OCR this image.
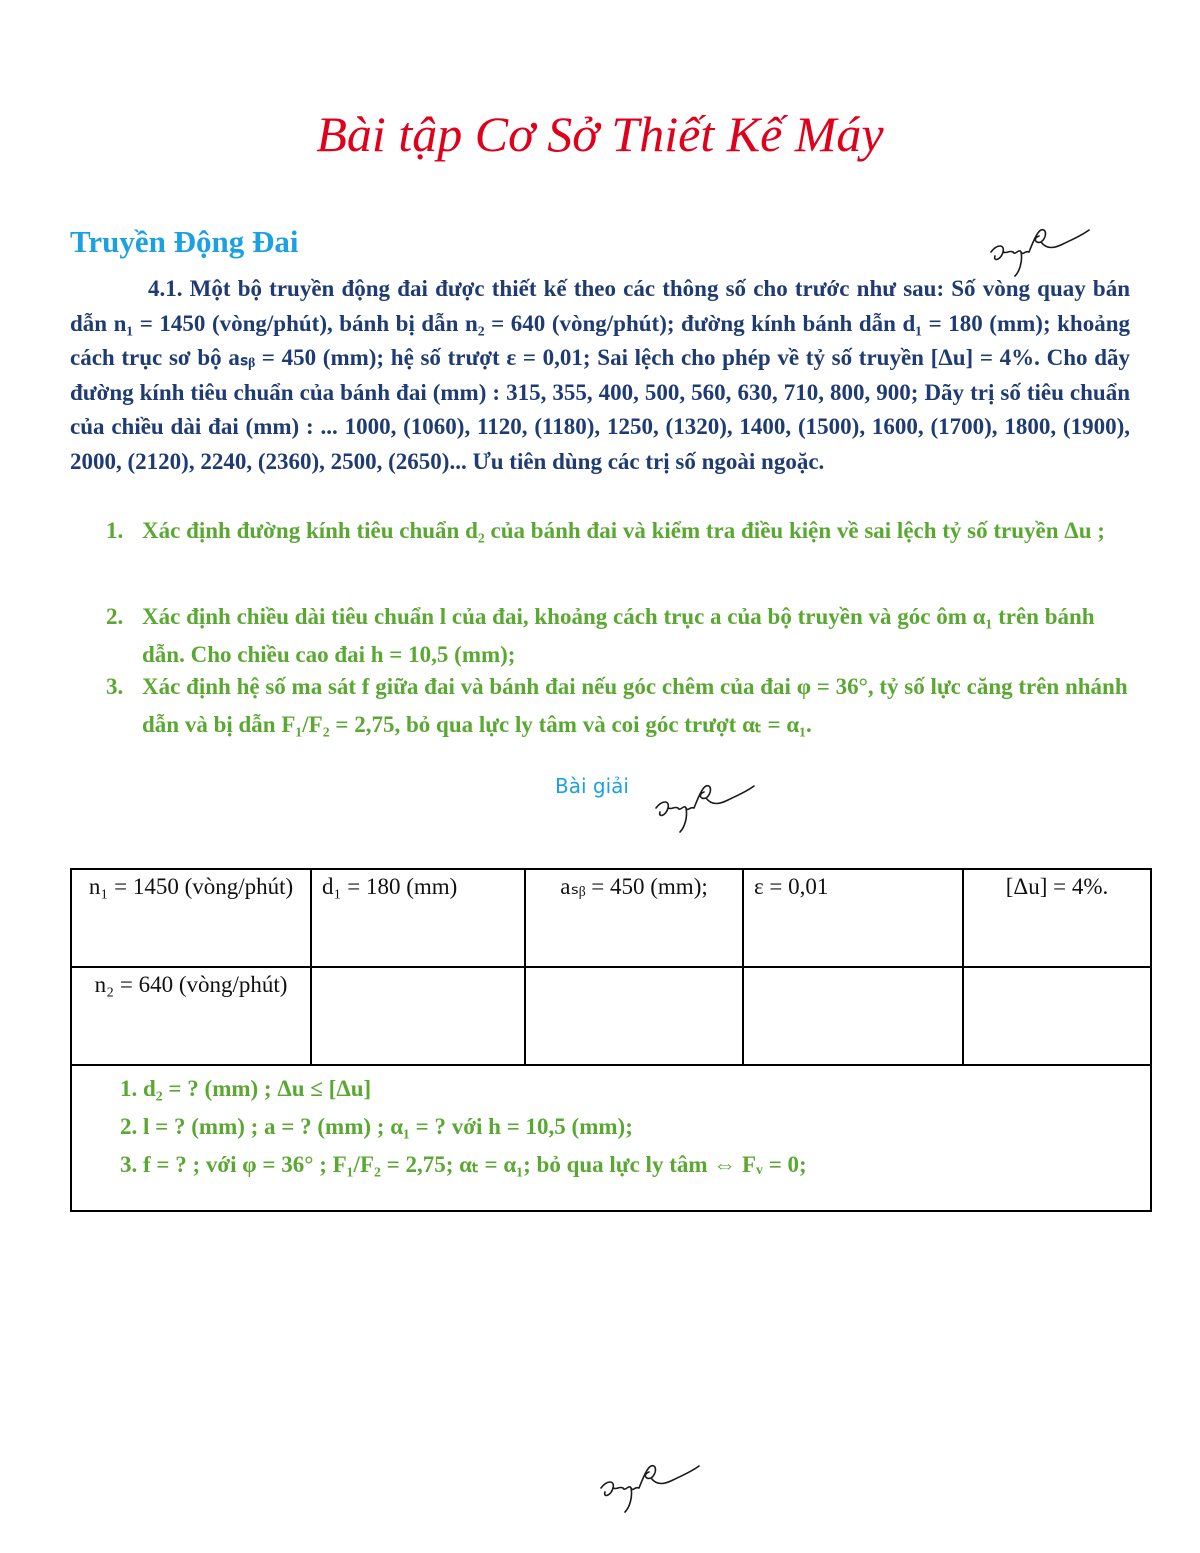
Bài tập Cơ Sở Thiết Kế Máy
Truyền Động Đai

4.1. Một bộ truyền động đai được thiết kế theo các thông số cho trước như sau: Số vòng quay bán dẫn n₁ = 1450 (vòng/phút), bánh bị dẫn n₂ = 640 (vòng/phút); đường kính bánh dẫn d₁ = 180 (mm); khoảng cách trục sơ bộ aₛᵦ = 450 (mm); hệ số trượt ε = 0,01; Sai lệch cho phép về tỷ số truyền [Δu] = 4%. Cho dãy đường kính tiêu chuẩn của bánh đai (mm) : 315, 355, 400, 500, 560, 630, 710, 800, 900; Dãy trị số tiêu chuẩn của chiều dài đai (mm) : ... 1000, (1060), 1120, (1180), 1250, (1320), 1400, (1500), 1600, (1700), 1800, (1900), 2000, (2120), 2240, (2360), 2500, (2650)... Ưu tiên dùng các trị số ngoài ngoặc.

1. Xác định đường kính tiêu chuẩn d₂ của bánh đai và kiểm tra điều kiện về sai lệch tỷ số truyền Δu ;
2. Xác định chiều dài tiêu chuẩn l của đai, khoảng cách trục a của bộ truyền và góc ôm α₁ trên bánh dẫn. Cho chiều cao đai h = 10,5 (mm);
3. Xác định hệ số ma sát f giữa đai và bánh đai nếu góc chêm của đai φ = 36°, tỷ số lực căng trên nhánh dẫn và bị dẫn F₁/F₂ = 2,75, bỏ qua lực ly tâm và coi góc trượt αₜ = α₁.
Bài giải
n₁ = 1450 (vòng/phút)	d₁ = 180 (mm)	aₛᵦ = 450 (mm);	ε = 0,01	[Δu] = 4%.
n₂ = 640 (vòng/phút)				

1. d₂ = ? (mm) ; Δu ≤ [Δu]
2. l = ? (mm) ; a = ? (mm) ; α₁ = ? với h = 10,5 (mm);
3. f = ? ; với φ = 36° ; F₁/F₂ = 2,75; αₜ = α₁; bỏ qua lực ly tâm ⇔ Fᵥ = 0;				
